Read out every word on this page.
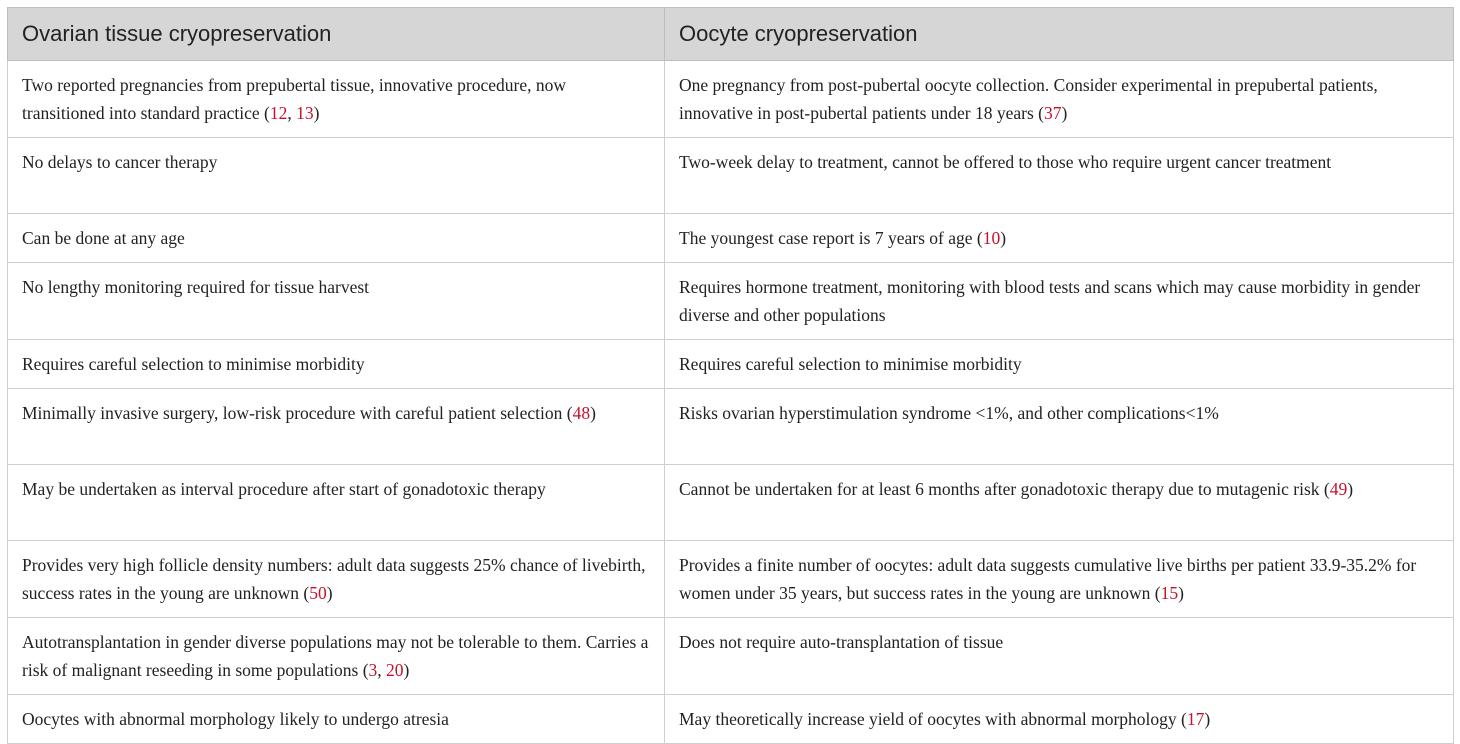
Ovarian tissue cryopreservation	Oocyte cryopreservation
Two reported pregnancies from prepubertal tissue, innovative procedure, now transitioned into standard practice (12, 13)	One pregnancy from post-pubertal oocyte collection. Consider experimental in prepubertal patients, innovative in post-pubertal patients under 18 years (37)
No delays to cancer therapy	Two-week delay to treatment, cannot be offered to those who require urgent cancer treatment
Can be done at any age	The youngest case report is 7 years of age (10)
No lengthy monitoring required for tissue harvest	Requires hormone treatment, monitoring with blood tests and scans which may cause morbidity in gender diverse and other populations
Requires careful selection to minimise morbidity	Requires careful selection to minimise morbidity
Minimally invasive surgery, low-risk procedure with careful patient selection (48)	Risks ovarian hyperstimulation syndrome <1%, and other complications<1%
May be undertaken as interval procedure after start of gonadotoxic therapy	Cannot be undertaken for at least 6 months after gonadotoxic therapy due to mutagenic risk (49)
Provides very high follicle density numbers: adult data suggests 25% chance of livebirth, success rates in the young are unknown (50)	Provides a finite number of oocytes: adult data suggests cumulative live births per patient 33.9-35.2% for women under 35 years, but success rates in the young are unknown (15)
Autotransplantation in gender diverse populations may not be tolerable to them. Carries a risk of malignant reseeding in some populations (3, 20)	Does not require auto-transplantation of tissue
Oocytes with abnormal morphology likely to undergo atresia	May theoretically increase yield of oocytes with abnormal morphology (17)
